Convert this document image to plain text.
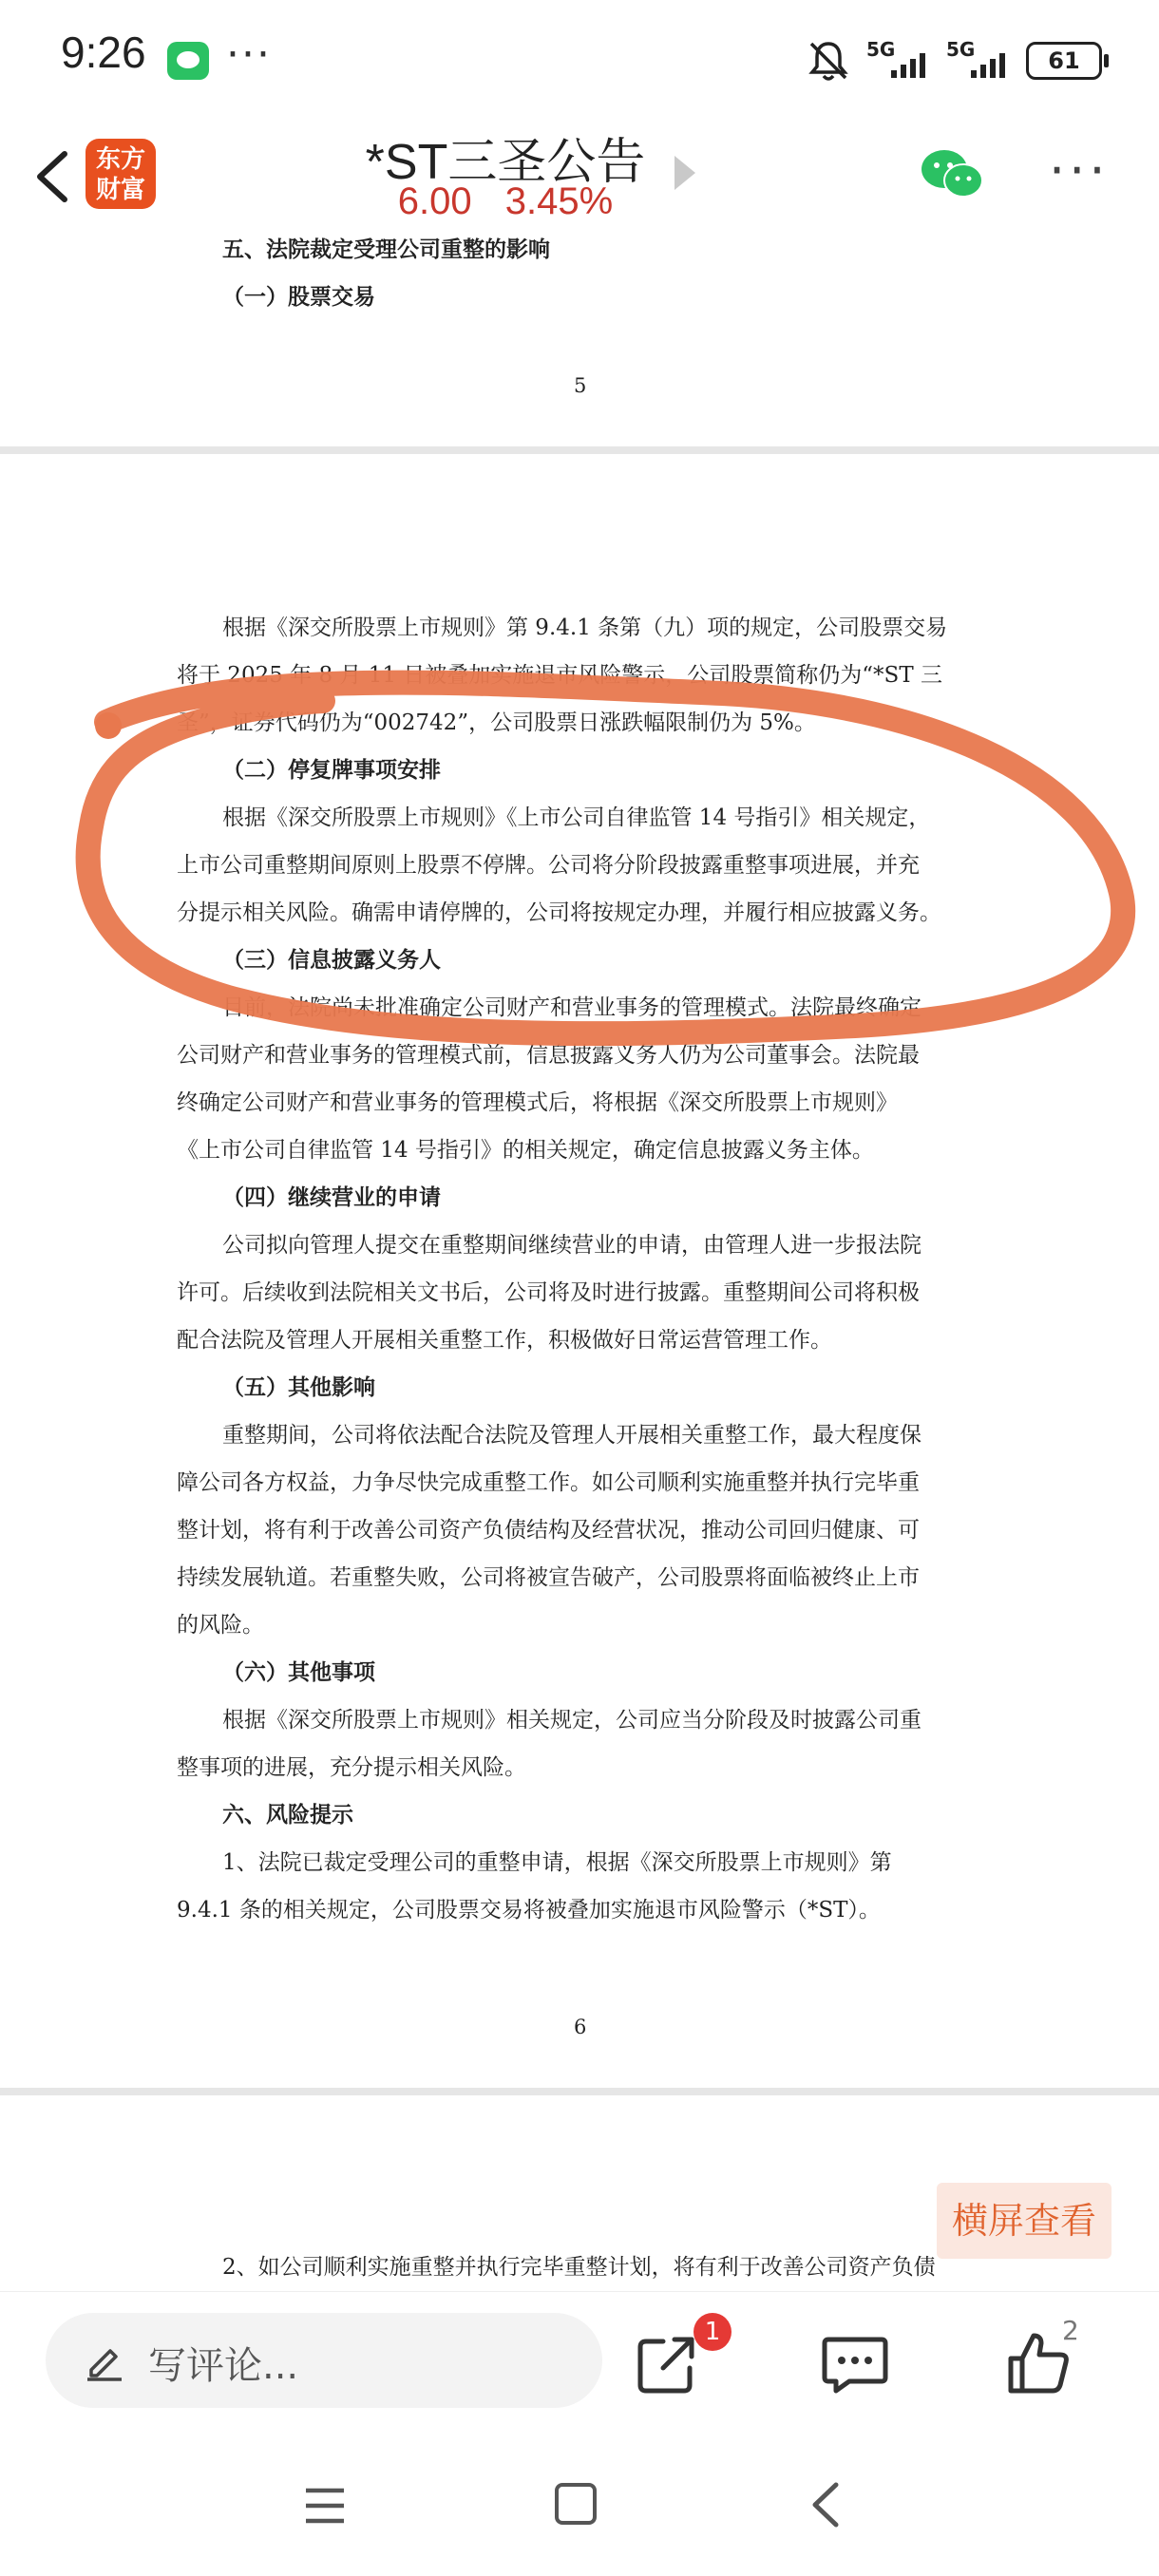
9:26 ···	5G	5G	61
东方
财富	*ST三圣公告
6.00 3.45%
···
五、法院裁定受理公司重整的影响
（一）股票交易
5
根据《深交所股票上市规则》第 9.4.1 条第（九）项的规定，公司股票交易
将于 2025 年 8 月 11 日被叠加实施退市风险警示，公司股票简称仍为“*ST 三
圣”，证券代码仍为“002742”，公司股票日涨跌幅限制仍为 5%。
（二）停复牌事项安排
根据《深交所股票上市规则》《上市公司自律监管 14 号指引》相关规定，
上市公司重整期间原则上股票不停牌。公司将分阶段披露重整事项进展，并充
分提示相关风险。确需申请停牌的，公司将按规定办理，并履行相应披露义务。
（三）信息披露义务人
目前，法院尚未批准确定公司财产和营业事务的管理模式。法院最终确定
公司财产和营业事务的管理模式前，信息披露义务人仍为公司董事会。法院最
终确定公司财产和营业事务的管理模式后，将根据《深交所股票上市规则》
《上市公司自律监管 14 号指引》的相关规定，确定信息披露义务主体。
（四）继续营业的申请
公司拟向管理人提交在重整期间继续营业的申请，由管理人进一步报法院
许可。后续收到法院相关文书后，公司将及时进行披露。重整期间公司将积极
配合法院及管理人开展相关重整工作，积极做好日常运营管理工作。
（五）其他影响
重整期间，公司将依法配合法院及管理人开展相关重整工作，最大程度保
障公司各方权益，力争尽快完成重整工作。如公司顺利实施重整并执行完毕重
整计划，将有利于改善公司资产负债结构及经营状况，推动公司回归健康、可
持续发展轨道。若重整失败，公司将被宣告破产，公司股票将面临被终止上市
的风险。
（六）其他事项
根据《深交所股票上市规则》相关规定，公司应当分阶段及时披露公司重
整事项的进展，充分提示相关风险。
六、风险提示
1、法院已裁定受理公司的重整申请，根据《深交所股票上市规则》第
9.4.1 条的相关规定，公司股票交易将被叠加实施退市风险警示（*ST）。
6
2、如公司顺利实施重整并执行完毕重整计划，将有利于改善公司资产负债
横屏查看
写评论...
1	2
